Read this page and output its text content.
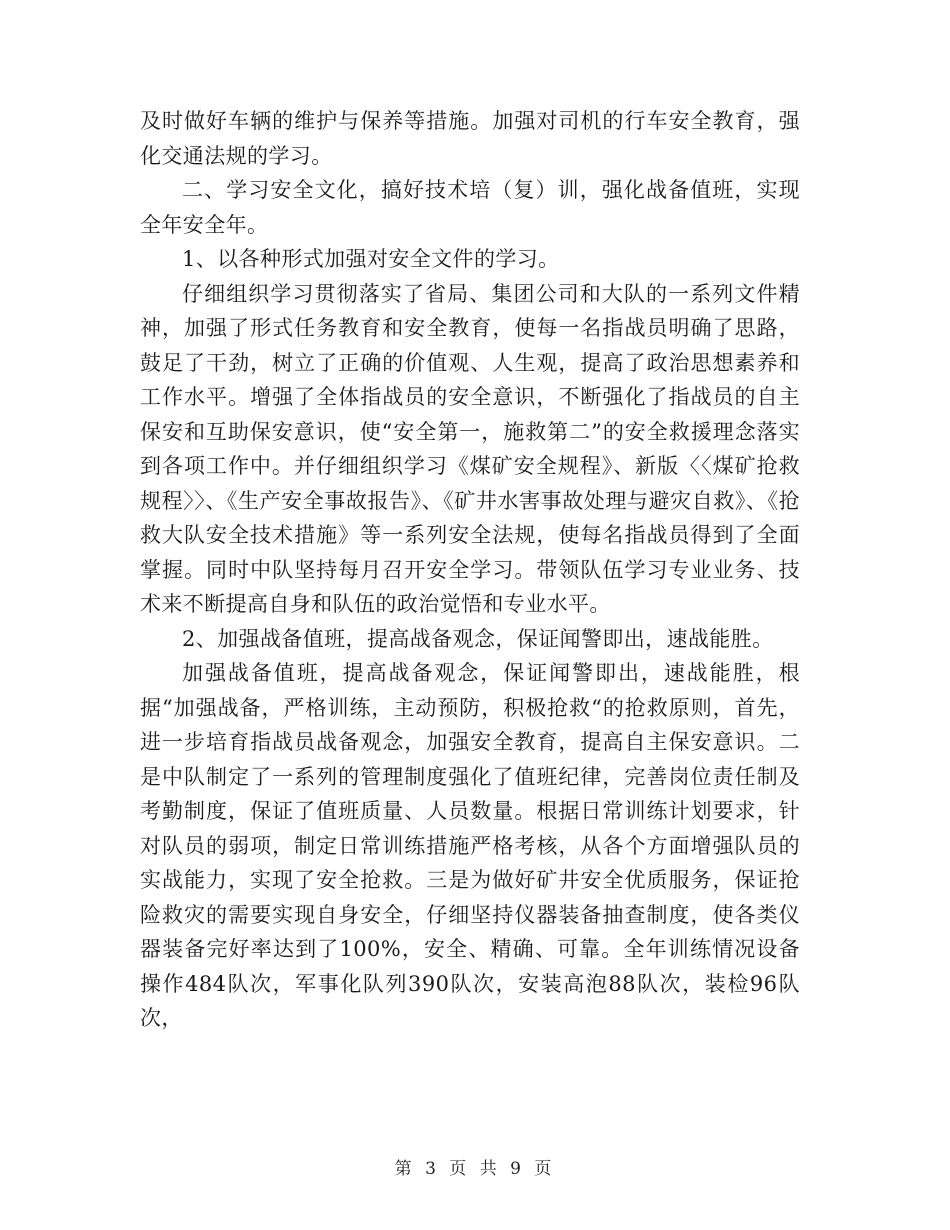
及时做好车辆的维护与保养等措施。加强对司机的行车安全教育，强化交通法规的学习。

二、学习安全文化，搞好技术培（复）训，强化战备值班，实现全年安全年。

1、以各种形式加强对安全文件的学习。

仔细组织学习贯彻落实了省局、集团公司和大队的一系列文件精神，加强了形式任务教育和安全教育，使每一名指战员明确了思路，鼓足了干劲，树立了正确的价值观、人生观，提高了政治思想素养和工作水平。增强了全体指战员的安全意识，不断强化了指战员的自主保安和互助保安意识，使“安全第一，施救第二”的安全救援理念落实到各项工作中。并仔细组织学习《煤矿安全规程》、新版〈〈煤矿抢救规程〉〉、《生产安全事故报告》、《矿井水害事故处理与避灾自救》、《抢救大队安全技术措施》等一系列安全法规，使每名指战员得到了全面掌握。同时中队坚持每月召开安全学习。带领队伍学习专业业务、技术来不断提高自身和队伍的政治觉悟和专业水平。

2、加强战备值班，提高战备观念，保证闻警即出，速战能胜。

加强战备值班，提高战备观念，保证闻警即出，速战能胜，根据“加强战备，严格训练，主动预防，积极抢救“的抢救原则，首先，进一步培育指战员战备观念，加强安全教育，提高自主保安意识。二是中队制定了一系列的管理制度强化了值班纪律，完善岗位责任制及考勤制度，保证了值班质量、人员数量。根据日常训练计划要求，针对队员的弱项，制定日常训练措施严格考核，从各个方面增强队员的实战能力，实现了安全抢救。三是为做好矿井安全优质服务，保证抢险救灾的需要实现自身安全，仔细坚持仪器装备抽查制度，使各类仪器装备完好率达到了100%，安全、精确、可靠。全年训练情况设备操作484队次，军事化队列390队次，安装高泡88队次，装检96队次，

第 3 页 共 9 页
